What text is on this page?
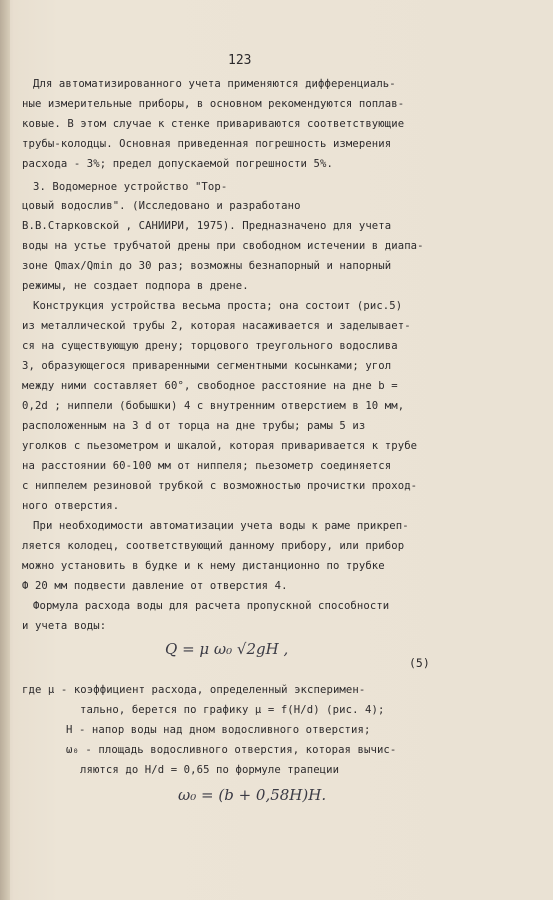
123
Для автоматизированного учета применяются дифференциаль-
ные измерительные приборы, в основном рекомендуются поплав-
ковые. В этом случае к стенке привариваются соответствующие
трубы-колодцы. Основная приведенная погрешность измерения
расхода - 3%; предел допускаемой погрешности 5%.
3. Водомерное устройство "Тор-
цовый водослив". (Исследовано и разработано
В.В.Старковской , САНИИРИ, 1975). Предназначено для учета
воды на устье трубчатой дрены при свободном истечении в диапа-
зоне Qmax/Qmin до 30 раз; возможны безнапорный и напорный
режимы, не создает подпора в дрене.
Конструкция устройства весьма проста; она состоит (рис.5)
из металлической трубы 2, которая насаживается и заделывает-
ся на существующую дрену; торцового треугольного водослива
3, образующегося приваренными сегментными косынками; угол
между ними составляет 60°, свободное расстояние на дне b =
0,2d ; ниппели (бобышки) 4 с внутренним отверстием в 10 мм,
расположенным на 3 d от торца на дне трубы; рамы 5 из
уголков с пьезометром и шкалой, которая приваривается к трубе
на расстоянии 60-100 мм от ниппеля; пьезометр соединяется
с ниппелем резиновой трубкой с возможностью прочистки проход-
ного отверстия.
При необходимости автоматизации учета воды к раме прикреп-
ляется колодец, соответствующий данному прибору, или прибор
можно установить в будке и к нему дистанционно по трубке
Ф 20 мм подвести давление от отверстия 4.
Формула расхода воды для расчета пропускной способности
и учета воды:
Q = μ ω₀ √2gH ,
(5)
где μ - коэффициент расхода, определенный эксперимен-
тально, берется по графику μ = f(H/d) (рис. 4);
H - напор воды над дном водосливного отверстия;
ω₀ - площадь водосливного отверстия, которая вычис-
ляются до H/d = 0,65 по формуле трапеции
ω₀ = (b + 0,58H)H.
